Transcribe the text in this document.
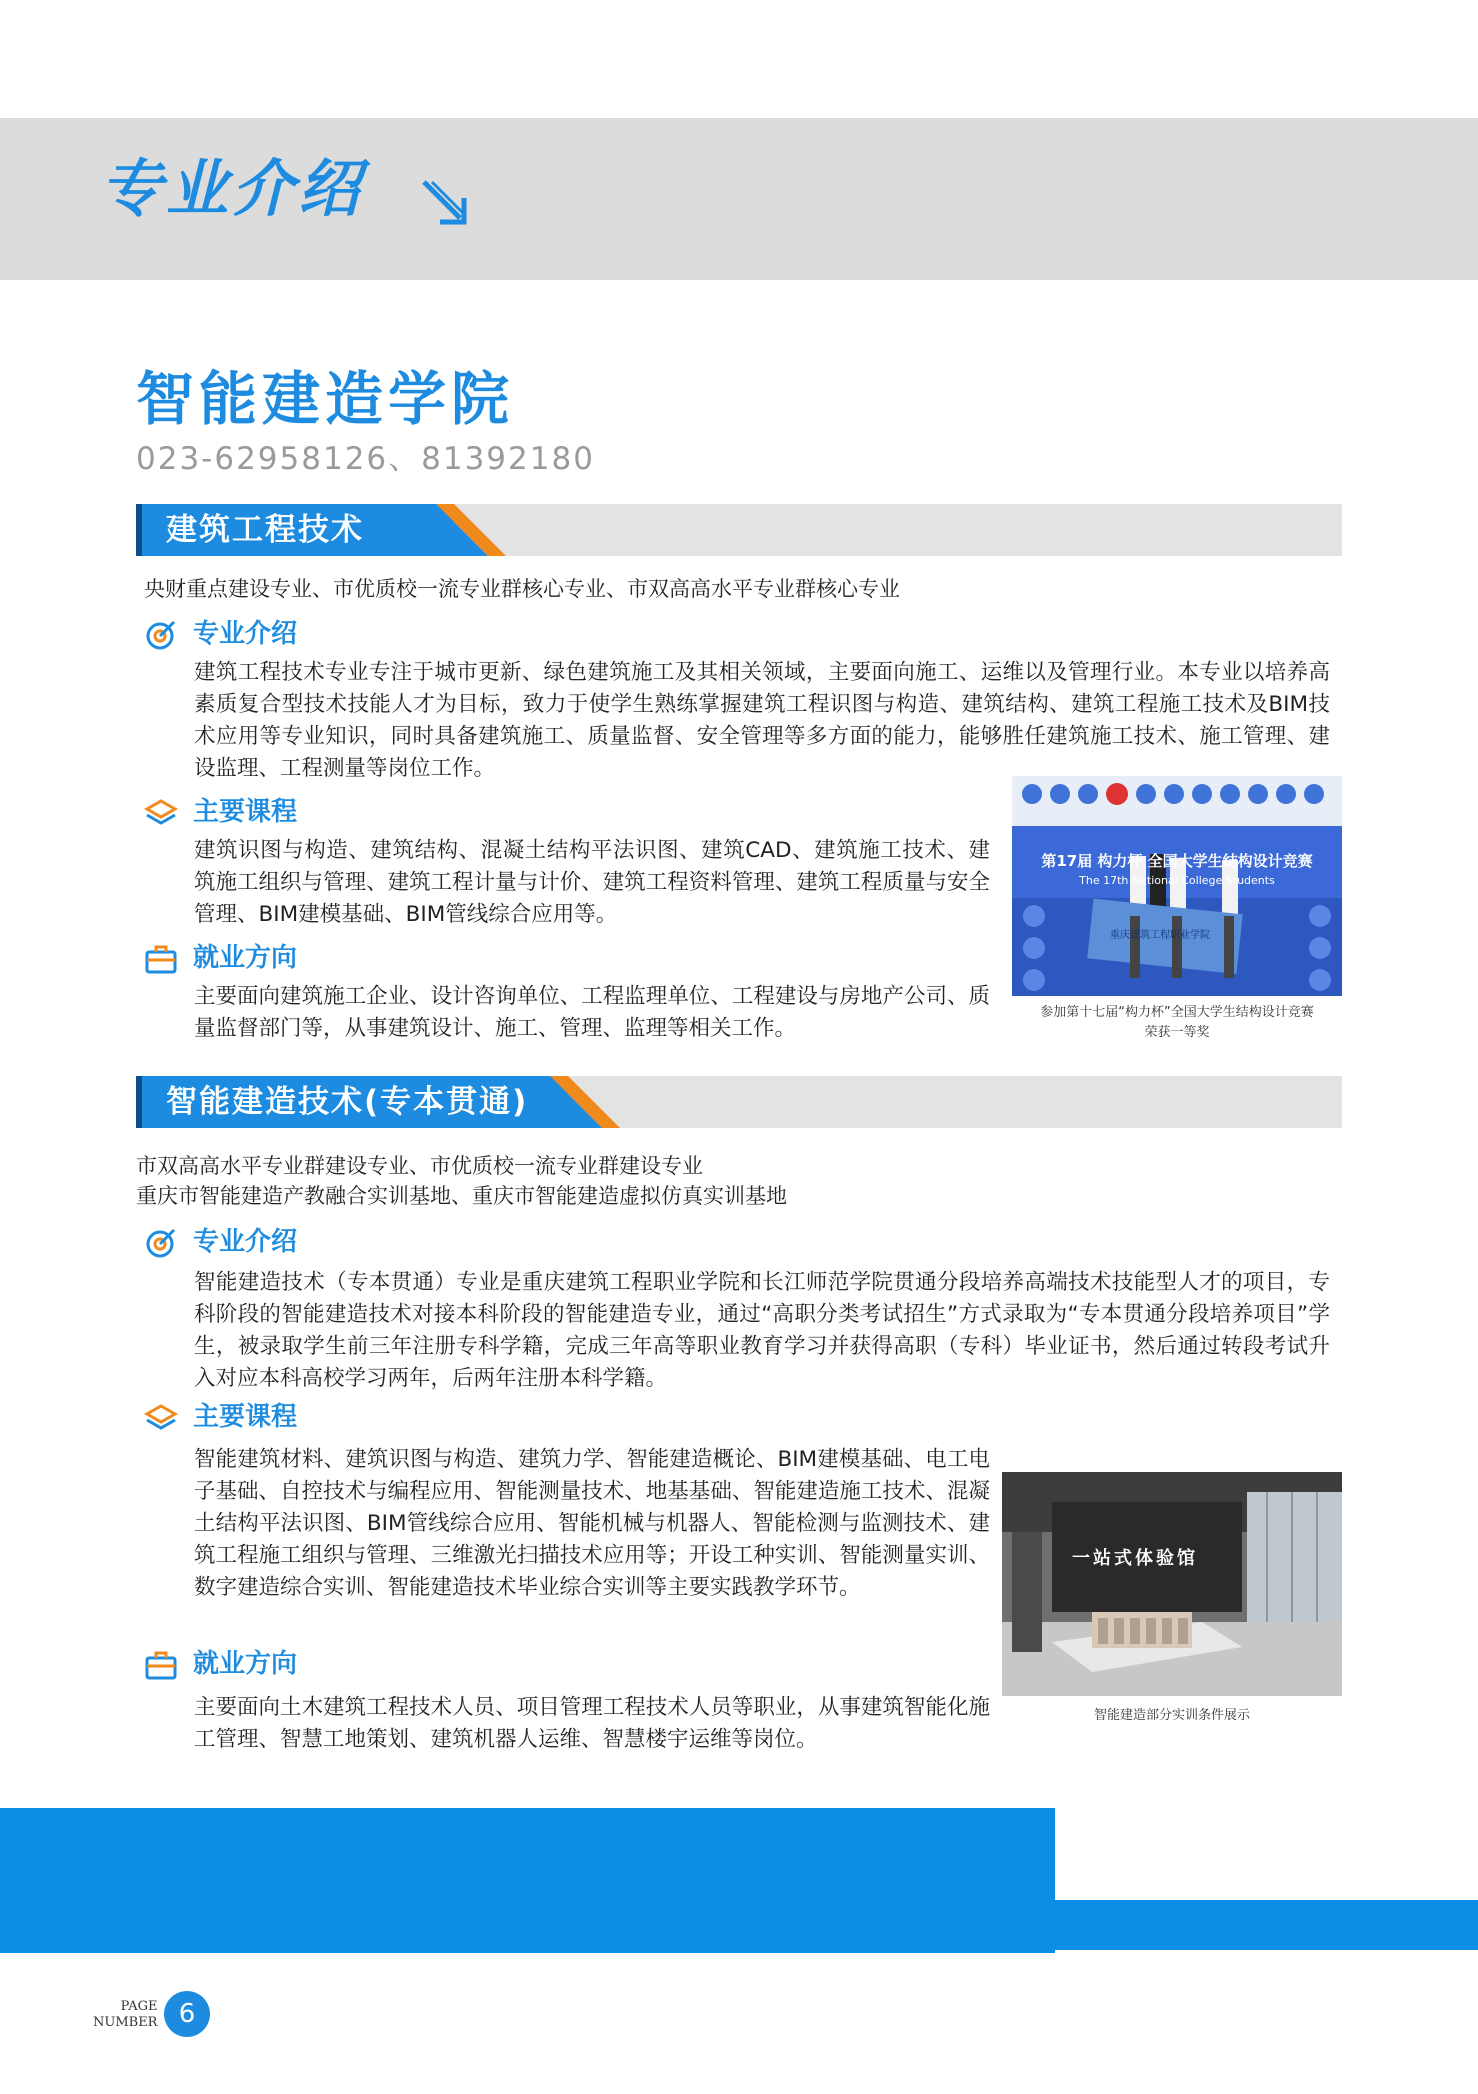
专业介绍
智能建造学院
023-62958126、81392180
建筑工程技术
央财重点建设专业、市优质校一流专业群核心专业、市双高高水平专业群核心专业
专业介绍
建筑工程技术专业专注于城市更新、绿色建筑施工及其相关领域，主要面向施工、运维以及管理行业。本专业以培养高素质复合型技术技能人才为目标，致力于使学生熟练掌握建筑工程识图与构造、建筑结构、建筑工程施工技术及BIM技术应用等专业知识，同时具备建筑施工、质量监督、安全管理等多方面的能力，能够胜任建筑施工技术、施工管理、建设监理、工程测量等岗位工作。
主要课程
建筑识图与构造、建筑结构、混凝土结构平法识图、建筑CAD、建筑施工技术、建筑施工组织与管理、建筑工程计量与计价、建筑工程资料管理、建筑工程质量与安全管理、BIM建模基础、BIM管线综合应用等。
就业方向
主要面向建筑施工企业、设计咨询单位、工程监理单位、工程建设与房地产公司、质量监督部门等，从事建筑设计、施工、管理、监理等相关工作。
第17届 构力杯 全国大学生结构设计竞赛
The 17th National College Students
重庆建筑工程职业学院
参加第十七届“构力杯”全国大学生结构设计竞赛
荣获一等奖
智能建造技术(专本贯通)
市双高高水平专业群建设专业、市优质校一流专业群建设专业
重庆市智能建造产教融合实训基地、重庆市智能建造虚拟仿真实训基地
专业介绍
智能建造技术（专本贯通）专业是重庆建筑工程职业学院和长江师范学院贯通分段培养高端技术技能型人才的项目，专科阶段的智能建造技术对接本科阶段的智能建造专业，通过“高职分类考试招生”方式录取为“专本贯通分段培养项目”学生，被录取学生前三年注册专科学籍，完成三年高等职业教育学习并获得高职（专科）毕业证书，然后通过转段考试升入对应本科高校学习两年，后两年注册本科学籍。
主要课程
智能建筑材料、建筑识图与构造、建筑力学、智能建造概论、BIM建模基础、电工电子基础、自控技术与编程应用、智能测量技术、地基基础、智能建造施工技术、混凝土结构平法识图、BIM管线综合应用、智能机械与机器人、智能检测与监测技术、建筑工程施工组织与管理、三维激光扫描技术应用等；开设工种实训、智能测量实训、数字建造综合实训、智能建造技术毕业综合实训等主要实践教学环节。
就业方向
主要面向土木建筑工程技术人员、项目管理工程技术人员等职业，从事建筑智能化施工管理、智慧工地策划、建筑机器人运维、智慧楼宇运维等岗位。
一站式体验馆
智能建造部分实训条件展示
PAGE
NUMBER 6
